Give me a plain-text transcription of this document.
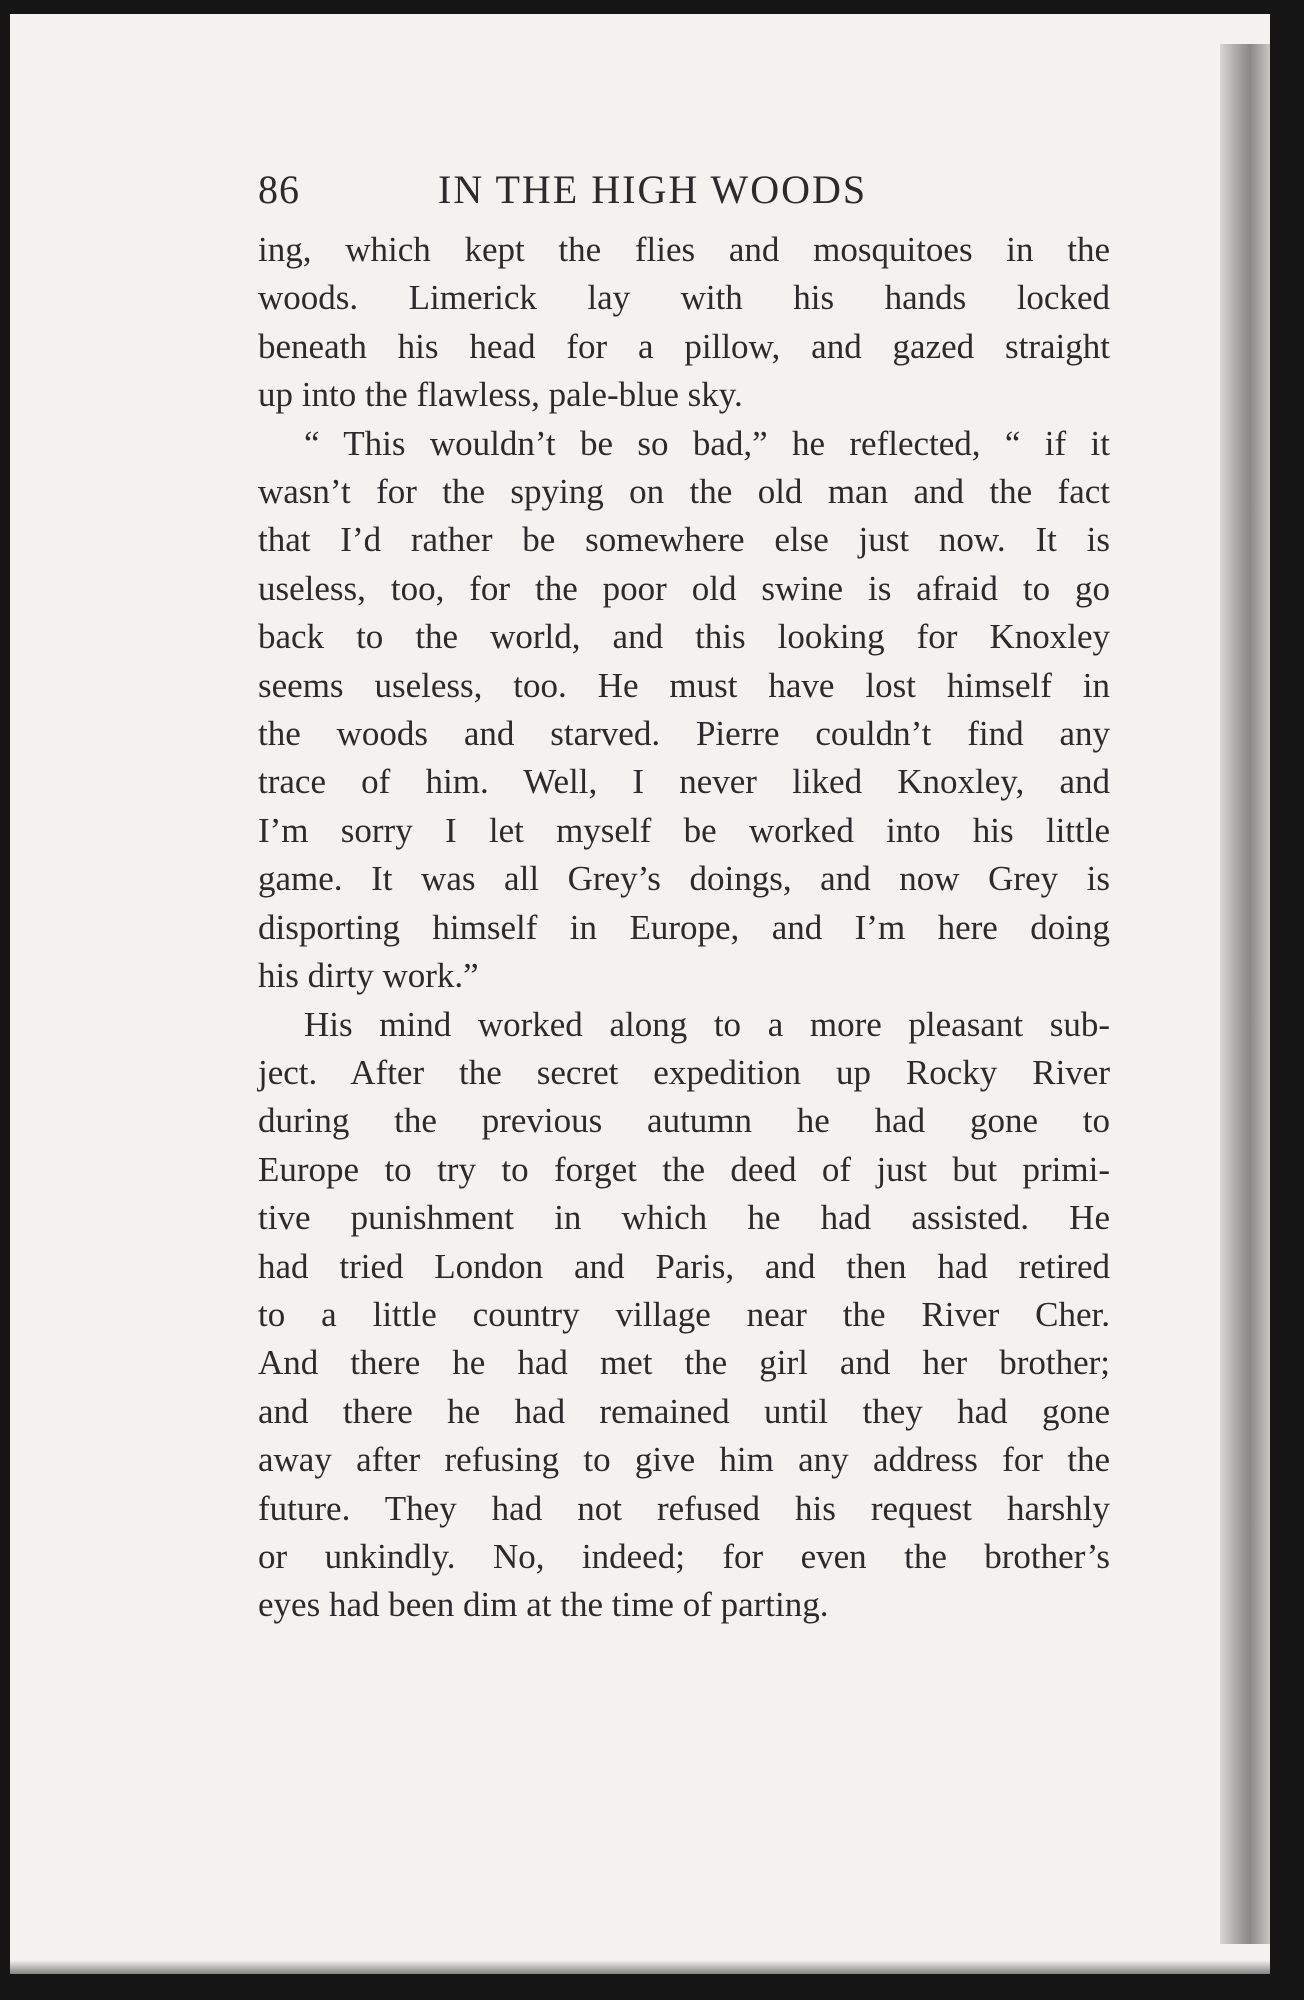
86	IN THE HIGH WOODS
ing, which kept the flies and mosquitoes in the
woods. Limerick lay with his hands locked
beneath his head for a pillow, and gazed straight
up into the flawless, pale-blue sky.
“ This wouldn’t be so bad,” he reflected, “ if it
wasn’t for the spying on the old man and the fact
that I’d rather be somewhere else just now. It is
useless, too, for the poor old swine is afraid to go
back to the world, and this looking for Knoxley
seems useless, too. He must have lost himself in
the woods and starved. Pierre couldn’t find any
trace of him. Well, I never liked Knoxley, and
I’m sorry I let myself be worked into his little
game. It was all Grey’s doings, and now Grey is
disporting himself in Europe, and I’m here doing
his dirty work.”
His mind worked along to a more pleasant sub-
ject. After the secret expedition up Rocky River
during the previous autumn he had gone to
Europe to try to forget the deed of just but primi-
tive punishment in which he had assisted. He
had tried London and Paris, and then had retired
to a little country village near the River Cher.
And there he had met the girl and her brother;
and there he had remained until they had gone
away after refusing to give him any address for the
future. They had not refused his request harshly
or unkindly. No, indeed; for even the brother’s
eyes had been dim at the time of parting.
